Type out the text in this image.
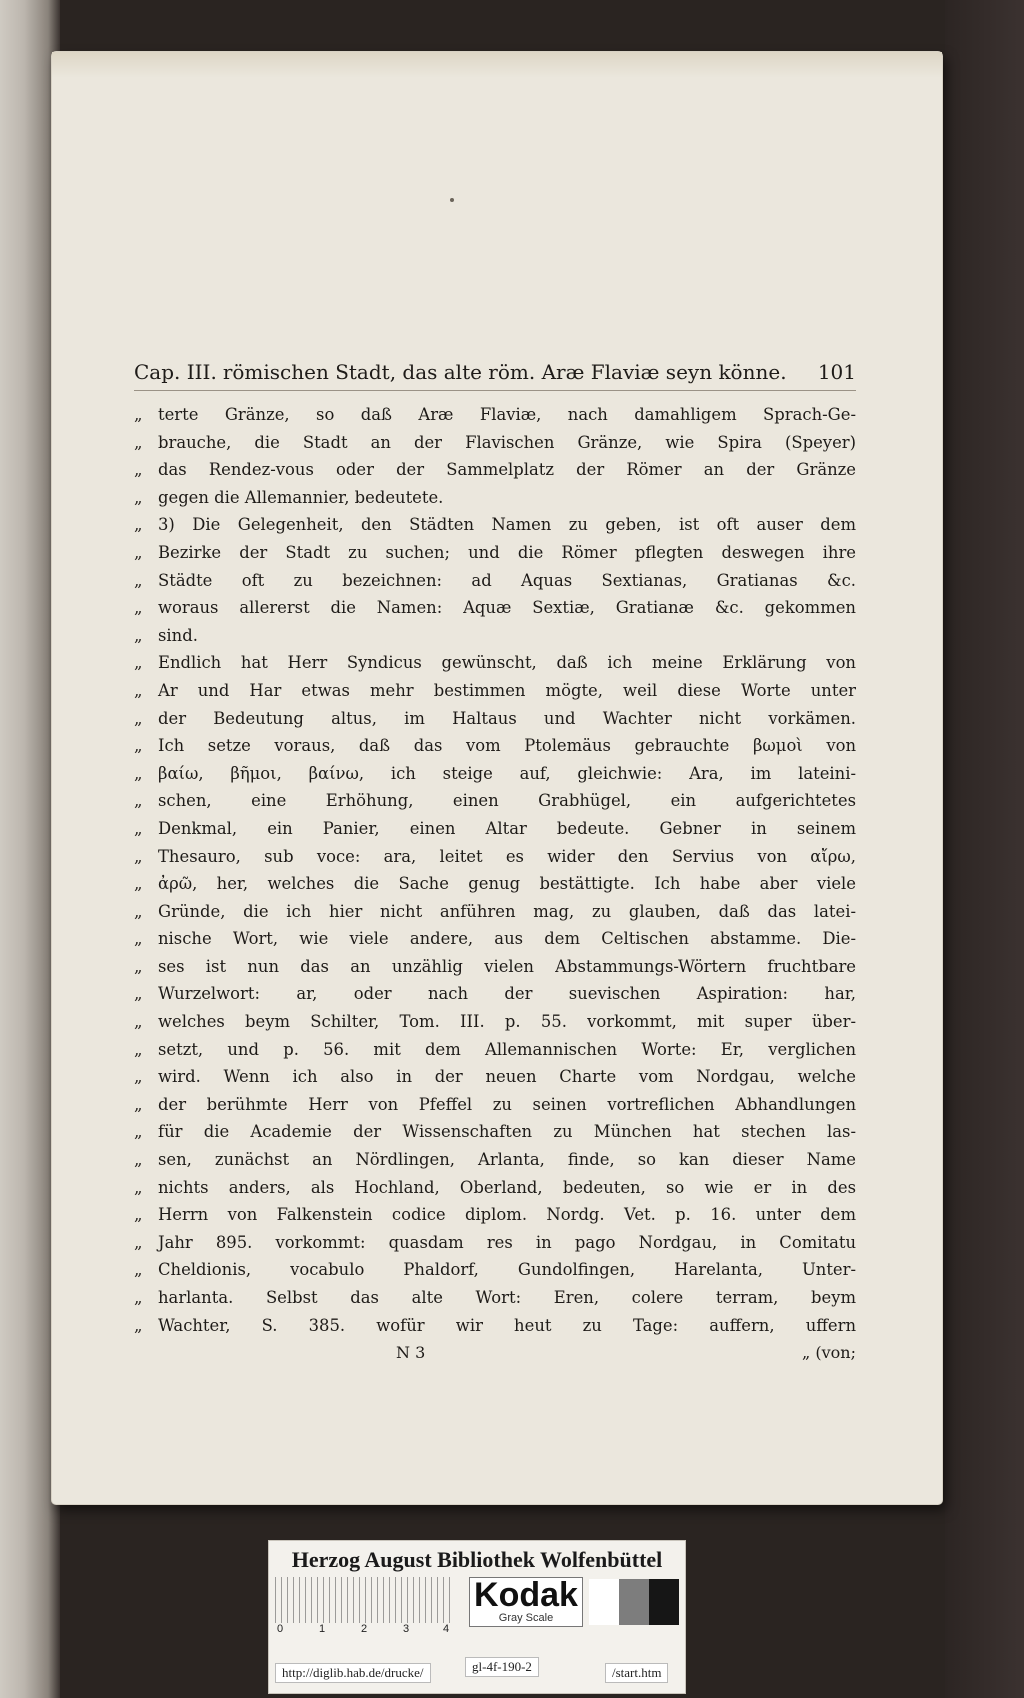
Cap. III. römischen Stadt, das alte röm. Aræ Flaviæ seyn könne.	101
„ terte Gränze, so daß Aræ Flaviæ, nach damahligem Sprach-Ge-
„ brauche, die Stadt an der Flavischen Gränze, wie Spira (Speyer)
„ das Rendez-vous oder der Sammelplatz der Römer an der Gränze
„ gegen die Allemannier, bedeutete.
„ 3) Die Gelegenheit, den Städten Namen zu geben, ist oft auser dem
„ Bezirke der Stadt zu suchen; und die Römer pflegten deswegen ihre
„ Städte oft zu bezeichnen: ad Aquas Sextianas, Gratianas &c.
„ woraus allererst die Namen: Aquæ Sextiæ, Gratianæ &c. gekommen
„ sind.
„ Endlich hat Herr Syndicus gewünscht, daß ich meine Erklärung von
„ Ar und Har etwas mehr bestimmen mögte, weil diese Worte unter
„ der Bedeutung altus, im Haltaus und Wachter nicht vorkämen.
„ Ich setze voraus, daß das vom Ptolemäus gebrauchte βωμοὶ von
„ βαίω, βῆμοι, βαίνω, ich steige auf, gleichwie: Ara, im lateini-
„ schen, eine Erhöhung, einen Grabhügel, ein aufgerichtetes
„ Denkmal, ein Panier, einen Altar bedeute. Gebner in seinem
„ Thesauro, sub voce: ara, leitet es wider den Servius von αἴρω,
„ ἀρῶ, her, welches die Sache genug bestättigte. Ich habe aber viele
„ Gründe, die ich hier nicht anführen mag, zu glauben, daß das latei-
„ nische Wort, wie viele andere, aus dem Celtischen abstamme. Die-
„ ses ist nun das an unzählig vielen Abstammungs-Wörtern fruchtbare
„ Wurzelwort: ar, oder nach der suevischen Aspiration: har,
„ welches beym Schilter, Tom. III. p. 55. vorkommt, mit super über-
„ setzt, und p. 56. mit dem Allemannischen Worte: Er, verglichen
„ wird. Wenn ich also in der neuen Charte vom Nordgau, welche
„ der berühmte Herr von Pfeffel zu seinen vortreflichen Abhandlungen
„ für die Academie der Wissenschaften zu München hat stechen las-
„ sen, zunächst an Nördlingen, Arlanta, finde, so kan dieser Name
„ nichts anders, als Hochland, Oberland, bedeuten, so wie er in des
„ Herrn von Falkenstein codice diplom. Nordg. Vet. p. 16. unter dem
„ Jahr 895. vorkommt: quasdam res in pago Nordgau, in Comitatu
„ Cheldionis, vocabulo Phaldorf, Gundolfingen, Harelanta, Unter-
„ harlanta. Selbst das alte Wort: Eren, colere terram, beym
„ Wachter, S. 385. wofür wir heut zu Tage: auffern, uffern
N 3	„ (von;
Herzog August Bibliothek Wolfenbüttel
0	1	2	3	4
Kodak
Gray Scale
http://diglib.hab.de/drucke/	gl-4f-190-2	/start.htm
